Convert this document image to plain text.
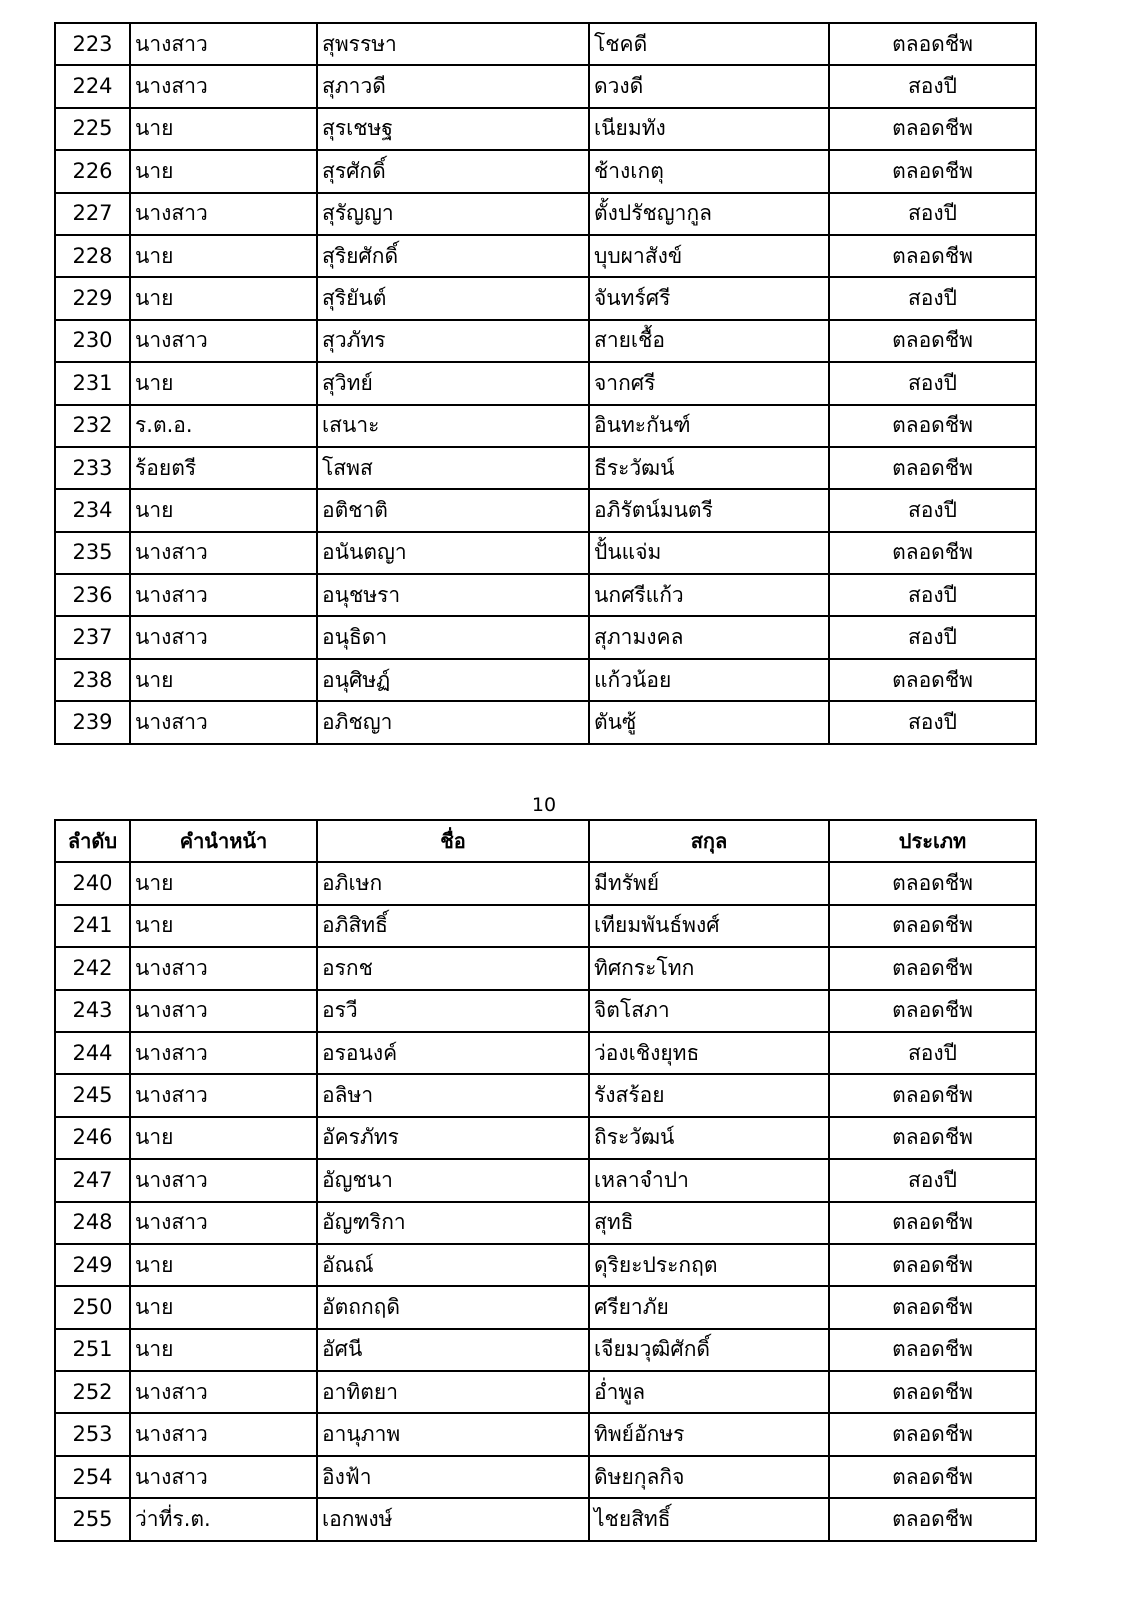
223	นางสาว	สุพรรษา	โชคดี	ตลอดชีพ
224	นางสาว	สุภาวดี	ดวงดี	สองปี
225	นาย	สุรเชษฐ	เนียมทัง	ตลอดชีพ
226	นาย	สุรศักดิ์	ช้างเกตุ	ตลอดชีพ
227	นางสาว	สุรัญญา	ตั้งปรัชญากูล	สองปี
228	นาย	สุริยศักดิ์	บุบผาสังข์	ตลอดชีพ
229	นาย	สุริยันต์	จันทร์ศรี	สองปี
230	นางสาว	สุวภัทร	สายเชื้อ	ตลอดชีพ
231	นาย	สุวิทย์	จากศรี	สองปี
232	ร.ต.อ.	เสนาะ	อินทะกันฑ์	ตลอดชีพ
233	ร้อยตรี	โสพส	ธีระวัฒน์	ตลอดชีพ
234	นาย	อติชาติ	อภิรัตน์มนตรี	สองปี
235	นางสาว	อนันตญา	ปั้นแจ่ม	ตลอดชีพ
236	นางสาว	อนุชษรา	นกศรีแก้ว	สองปี
237	นางสาว	อนุธิดา	สุภามงคล	สองปี
238	นาย	อนุศิษฏ์	แก้วน้อย	ตลอดชีพ
239	นางสาว	อภิชญา	ตันซู้	สองปี
10
ลำดับ	คำนำหน้า	ชื่อ	สกุล	ประเภท
240	นาย	อภิเษก	มีทรัพย์	ตลอดชีพ
241	นาย	อภิสิทธิ์	เทียมพันธ์พงศ์	ตลอดชีพ
242	นางสาว	อรกช	ทิศกระโทก	ตลอดชีพ
243	นางสาว	อรวี	จิตโสภา	ตลอดชีพ
244	นางสาว	อรอนงค์	ว่องเชิงยุทธ	สองปี
245	นางสาว	อลิษา	รังสร้อย	ตลอดชีพ
246	นาย	อัครภัทร	ถิระวัฒน์	ตลอดชีพ
247	นางสาว	อัญชนา	เหลาจำปา	สองปี
248	นางสาว	อัญฑริกา	สุทธิ	ตลอดชีพ
249	นาย	อัณณ์	ดุริยะประกฤต	ตลอดชีพ
250	นาย	อัตถกฤดิ	ศรียาภัย	ตลอดชีพ
251	นาย	อัศนี	เจียมวุฒิศักดิ์	ตลอดชีพ
252	นางสาว	อาทิตยา	อ่ำพูล	ตลอดชีพ
253	นางสาว	อานุภาพ	ทิพย์อักษร	ตลอดชีพ
254	นางสาว	อิงฟ้า	ดิษยกุลกิจ	ตลอดชีพ
255	ว่าที่ร.ต.	เอกพงษ์	ไชยสิทธิ์	ตลอดชีพ
